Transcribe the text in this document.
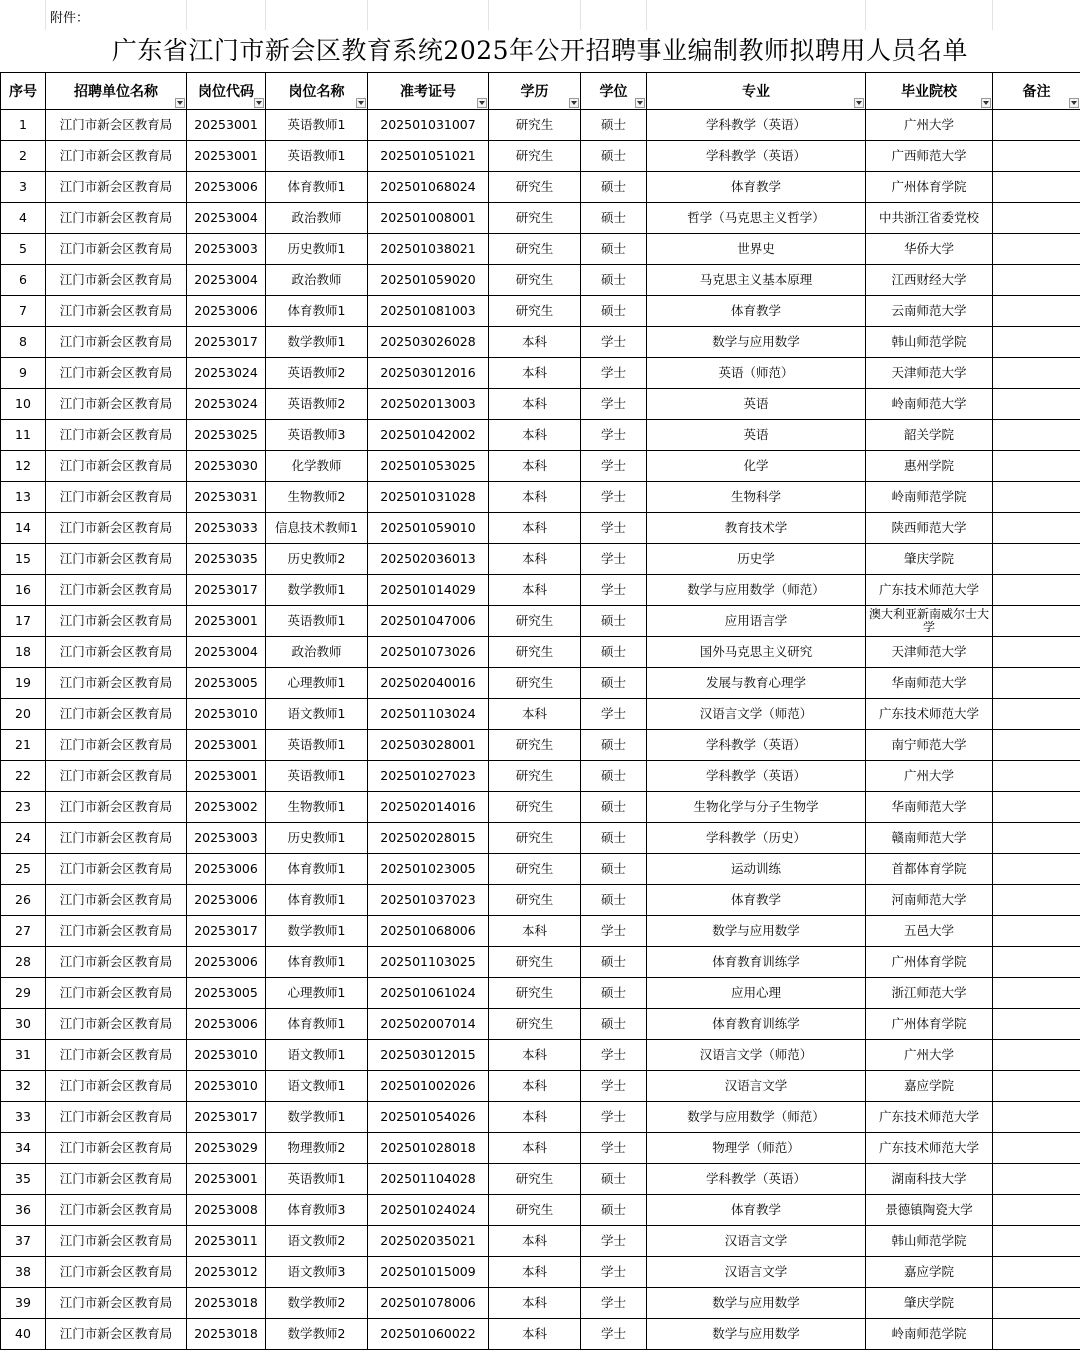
附件：
广东省江门市新会区教育系统2025年公开招聘事业编制教师拟聘用人员名单
序号	招聘单位名称	岗位代码	岗位名称	准考证号	学历	学位	专业	毕业院校	备注

1	江门市新会区教育局	20253001	英语教师1	202501031007	研究生	硕士	学科教学（英语）	广州大学	
2	江门市新会区教育局	20253001	英语教师1	202501051021	研究生	硕士	学科教学（英语）	广西师范大学	
3	江门市新会区教育局	20253006	体育教师1	202501068024	研究生	硕士	体育教学	广州体育学院	
4	江门市新会区教育局	20253004	政治教师	202501008001	研究生	硕士	哲学（马克思主义哲学）	中共浙江省委党校	
5	江门市新会区教育局	20253003	历史教师1	202501038021	研究生	硕士	世界史	华侨大学	
6	江门市新会区教育局	20253004	政治教师	202501059020	研究生	硕士	马克思主义基本原理	江西财经大学	
7	江门市新会区教育局	20253006	体育教师1	202501081003	研究生	硕士	体育教学	云南师范大学	
8	江门市新会区教育局	20253017	数学教师1	202503026028	本科	学士	数学与应用数学	韩山师范学院	
9	江门市新会区教育局	20253024	英语教师2	202503012016	本科	学士	英语（师范）	天津师范大学	
10	江门市新会区教育局	20253024	英语教师2	202502013003	本科	学士	英语	岭南师范大学	
11	江门市新会区教育局	20253025	英语教师3	202501042002	本科	学士	英语	韶关学院	
12	江门市新会区教育局	20253030	化学教师	202501053025	本科	学士	化学	惠州学院	
13	江门市新会区教育局	20253031	生物教师2	202501031028	本科	学士	生物科学	岭南师范学院	
14	江门市新会区教育局	20253033	信息技术教师1	202501059010	本科	学士	教育技术学	陕西师范大学	
15	江门市新会区教育局	20253035	历史教师2	202502036013	本科	学士	历史学	肇庆学院	
16	江门市新会区教育局	20253017	数学教师1	202501014029	本科	学士	数学与应用数学（师范）	广东技术师范大学	
17	江门市新会区教育局	20253001	英语教师1	202501047006	研究生	硕士	应用语言学	澳大利亚新南威尔士大学	
18	江门市新会区教育局	20253004	政治教师	202501073026	研究生	硕士	国外马克思主义研究	天津师范大学	
19	江门市新会区教育局	20253005	心理教师1	202502040016	研究生	硕士	发展与教育心理学	华南师范大学	
20	江门市新会区教育局	20253010	语文教师1	202501103024	本科	学士	汉语言文学（师范）	广东技术师范大学	
21	江门市新会区教育局	20253001	英语教师1	202503028001	研究生	硕士	学科教学（英语）	南宁师范大学	
22	江门市新会区教育局	20253001	英语教师1	202501027023	研究生	硕士	学科教学（英语）	广州大学	
23	江门市新会区教育局	20253002	生物教师1	202502014016	研究生	硕士	生物化学与分子生物学	华南师范大学	
24	江门市新会区教育局	20253003	历史教师1	202502028015	研究生	硕士	学科教学（历史）	赣南师范大学	
25	江门市新会区教育局	20253006	体育教师1	202501023005	研究生	硕士	运动训练	首都体育学院	
26	江门市新会区教育局	20253006	体育教师1	202501037023	研究生	硕士	体育教学	河南师范大学	
27	江门市新会区教育局	20253017	数学教师1	202501068006	本科	学士	数学与应用数学	五邑大学	
28	江门市新会区教育局	20253006	体育教师1	202501103025	研究生	硕士	体育教育训练学	广州体育学院	
29	江门市新会区教育局	20253005	心理教师1	202501061024	研究生	硕士	应用心理	浙江师范大学	
30	江门市新会区教育局	20253006	体育教师1	202502007014	研究生	硕士	体育教育训练学	广州体育学院	
31	江门市新会区教育局	20253010	语文教师1	202503012015	本科	学士	汉语言文学（师范）	广州大学	
32	江门市新会区教育局	20253010	语文教师1	202501002026	本科	学士	汉语言文学	嘉应学院	
33	江门市新会区教育局	20253017	数学教师1	202501054026	本科	学士	数学与应用数学（师范）	广东技术师范大学	
34	江门市新会区教育局	20253029	物理教师2	202501028018	本科	学士	物理学（师范）	广东技术师范大学	
35	江门市新会区教育局	20253001	英语教师1	202501104028	研究生	硕士	学科教学（英语）	湖南科技大学	
36	江门市新会区教育局	20253008	体育教师3	202501024024	研究生	硕士	体育教学	景德镇陶瓷大学	
37	江门市新会区教育局	20253011	语文教师2	202502035021	本科	学士	汉语言文学	韩山师范学院	
38	江门市新会区教育局	20253012	语文教师3	202501015009	本科	学士	汉语言文学	嘉应学院	
39	江门市新会区教育局	20253018	数学教师2	202501078006	本科	学士	数学与应用数学	肇庆学院	
40	江门市新会区教育局	20253018	数学教师2	202501060022	本科	学士	数学与应用数学	岭南师范学院	
